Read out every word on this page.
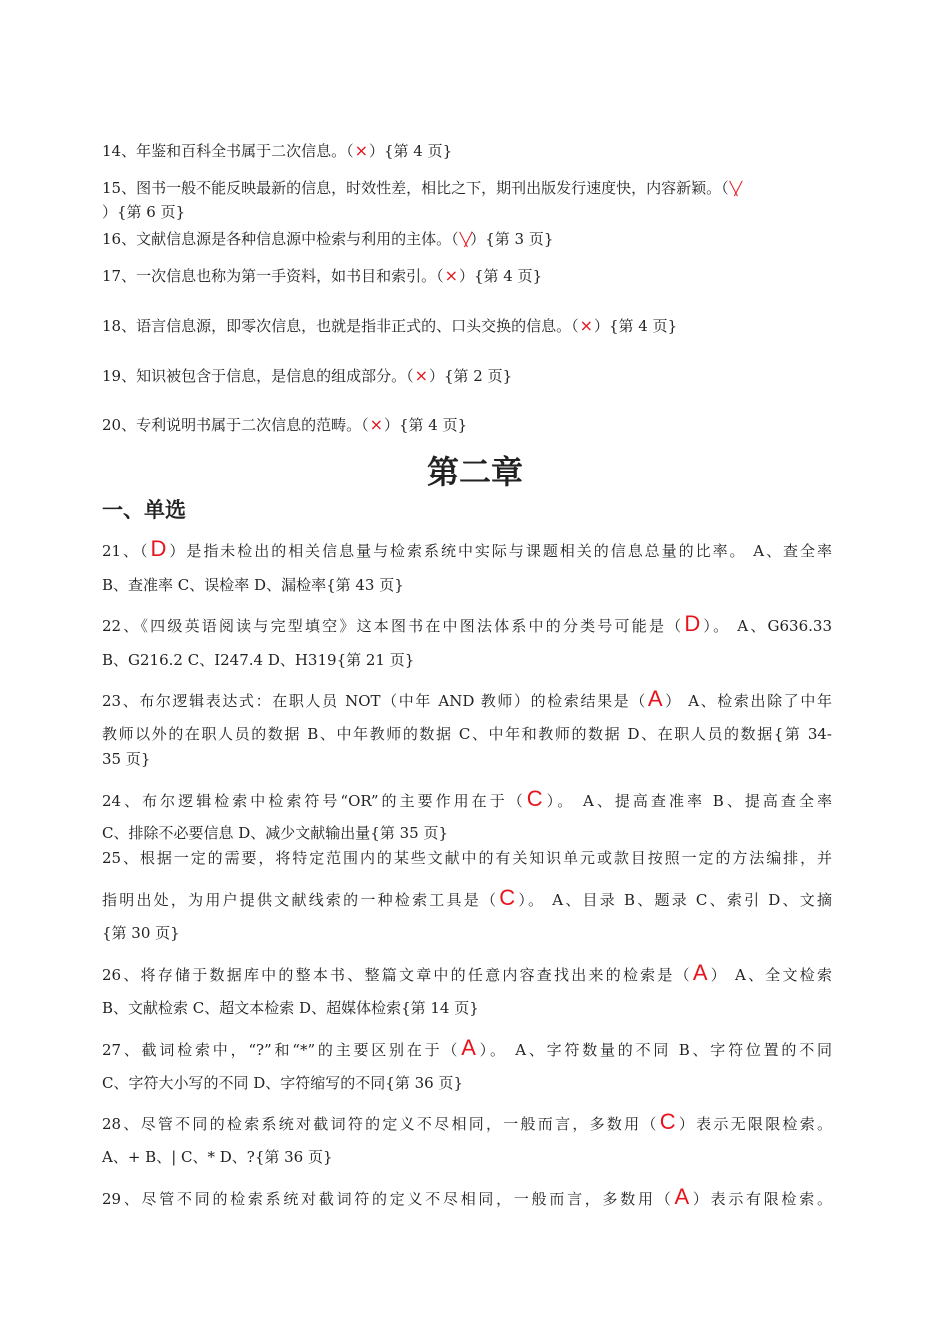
14、年鉴和百科全书属于二次信息。（×）{第 4 页}
15、图书一般不能反映最新的信息，时效性差，相比之下，期刊出版发行速度快，内容新颖。（╲╱
）{第 6 页}
16、文献信息源是各种信息源中检索与利用的主体。（╲╱）{第 3 页}
17、一次信息也称为第一手资料，如书目和索引。（×）{第 4 页}
18、语言信息源，即零次信息，也就是指非正式的、口头交换的信息。（×）{第 4 页}
19、知识被包含于信息，是信息的组成部分。（×）{第 2 页}
20、专利说明书属于二次信息的范畴。（×）{第 4 页}
第二章
一、单选
21、（D）是指未检出的相关信息量与检索系统中实际与课题相关的信息总量的比率。 A、查全率
B、查准率 C、误检率 D、漏检率{第 43 页}
22、《四级英语阅读与完型填空》这本图书在中图法体系中的分类号可能是（D）。 A、G636.33
B、G216.2 C、I247.4 D、H319{第 21 页}
23、布尔逻辑表达式：在职人员 NOT（中年 AND 教师）的检索结果是（A） A、检索出除了中年
教师以外的在职人员的数据 B、中年教师的数据 C、中年和教师的数据 D、在职人员的数据{第 34-
35 页}
24、布尔逻辑检索中检索符号“OR”的主要作用在于（C）。 A、提高查准率 B、提高查全率
C、排除不必要信息 D、减少文献输出量{第 35 页}
25、根据一定的需要，将特定范围内的某些文献中的有关知识单元或款目按照一定的方法编排，并
指明出处，为用户提供文献线索的一种检索工具是（C）。 A、目录 B、题录 C、索引 D、文摘
{第 30 页}
26、将存储于数据库中的整本书、整篇文章中的任意内容查找出来的检索是（A） A、全文检索
B、文献检索 C、超文本检索 D、超媒体检索{第 14 页}
27、截词检索中，“?”和“*”的主要区别在于（A）。 A、字符数量的不同 B、字符位置的不同
C、字符大小写的不同 D、字符缩写的不同{第 36 页}
28、尽管不同的检索系统对截词符的定义不尽相同，一般而言，多数用（C）表示无限限检索。
A、+ B、| C、* D、?{第 36 页}
29、尽管不同的检索系统对截词符的定义不尽相同，一般而言，多数用（A）表示有限检索。
